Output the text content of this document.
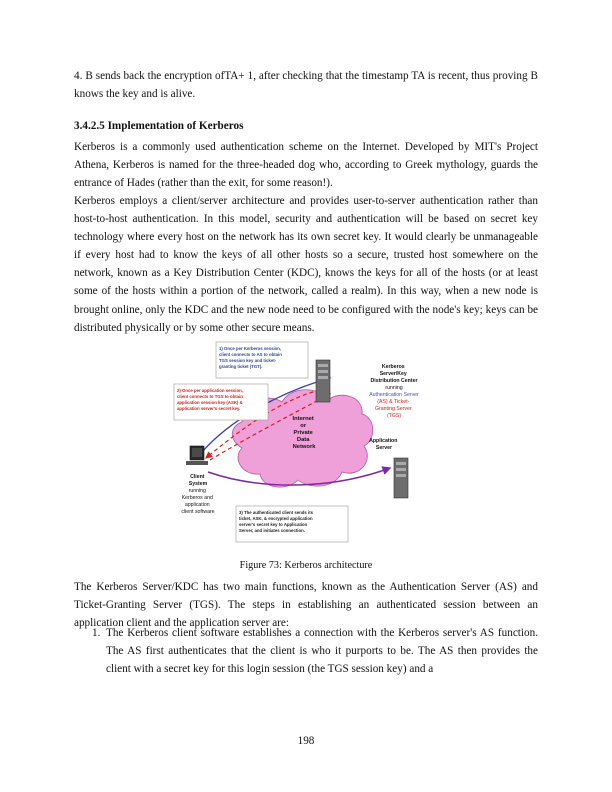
4. B sends back the encryption ofTA+ 1, after checking that the timestamp TA is recent, thus proving B knows the key and is alive.

3.4.2.5 Implementation of Kerberos

Kerberos is a commonly used authentication scheme on the Internet. Developed by MIT's Project Athena, Kerberos is named for the three-headed dog who, according to Greek mythology, guards the entrance of Hades (rather than the exit, for some reason!).

Kerberos employs a client/server architecture and provides user-to-server authentication rather than host-to-host authentication. In this model, security and authentication will be based on secret key technology where every host on the network has its own secret key. It would clearly be unmanageable if every host had to know the keys of all other hosts so a secure, trusted host somewhere on the network, known as a Key Distribution Center (KDC), knows the keys for all of the hosts (or at least some of the hosts within a portion of the network, called a realm). In this way, when a new node is brought online, only the KDC and the new node need to be configured with the node's key; keys can be distributed physically or by some other secure means.

1) Once per Kerberos session, client connects to AS to obtain TGS session key and ticket- granting ticket (TGT).
2) Once per application session, client connects to TGS to obtain application session key (ASK) & application server's secret key.
3) The authenticated client sends its ticket, ASK, & encrypted application server's secret key to Application Server, and initiates connection.
Kerberos Server/Key Distribution Center
running
Authentication Server
(AS) & Ticket- Granting Server (TGS)
Internet or Private Data Network
Application Server
Client System
running Kerberos and application client software
Figure 73: Kerberos architecture

The Kerberos Server/KDC has two main functions, known as the Authentication Server (AS) and Ticket-Granting Server (TGS). The steps in establishing an authenticated session between an application client and the application server are:

1. The Kerberos client software establishes a connection with the Kerberos server's AS function. The AS first authenticates that the client is who it purports to be. The AS then provides the client with a secret key for this login session (the TGS session key) and a
198
